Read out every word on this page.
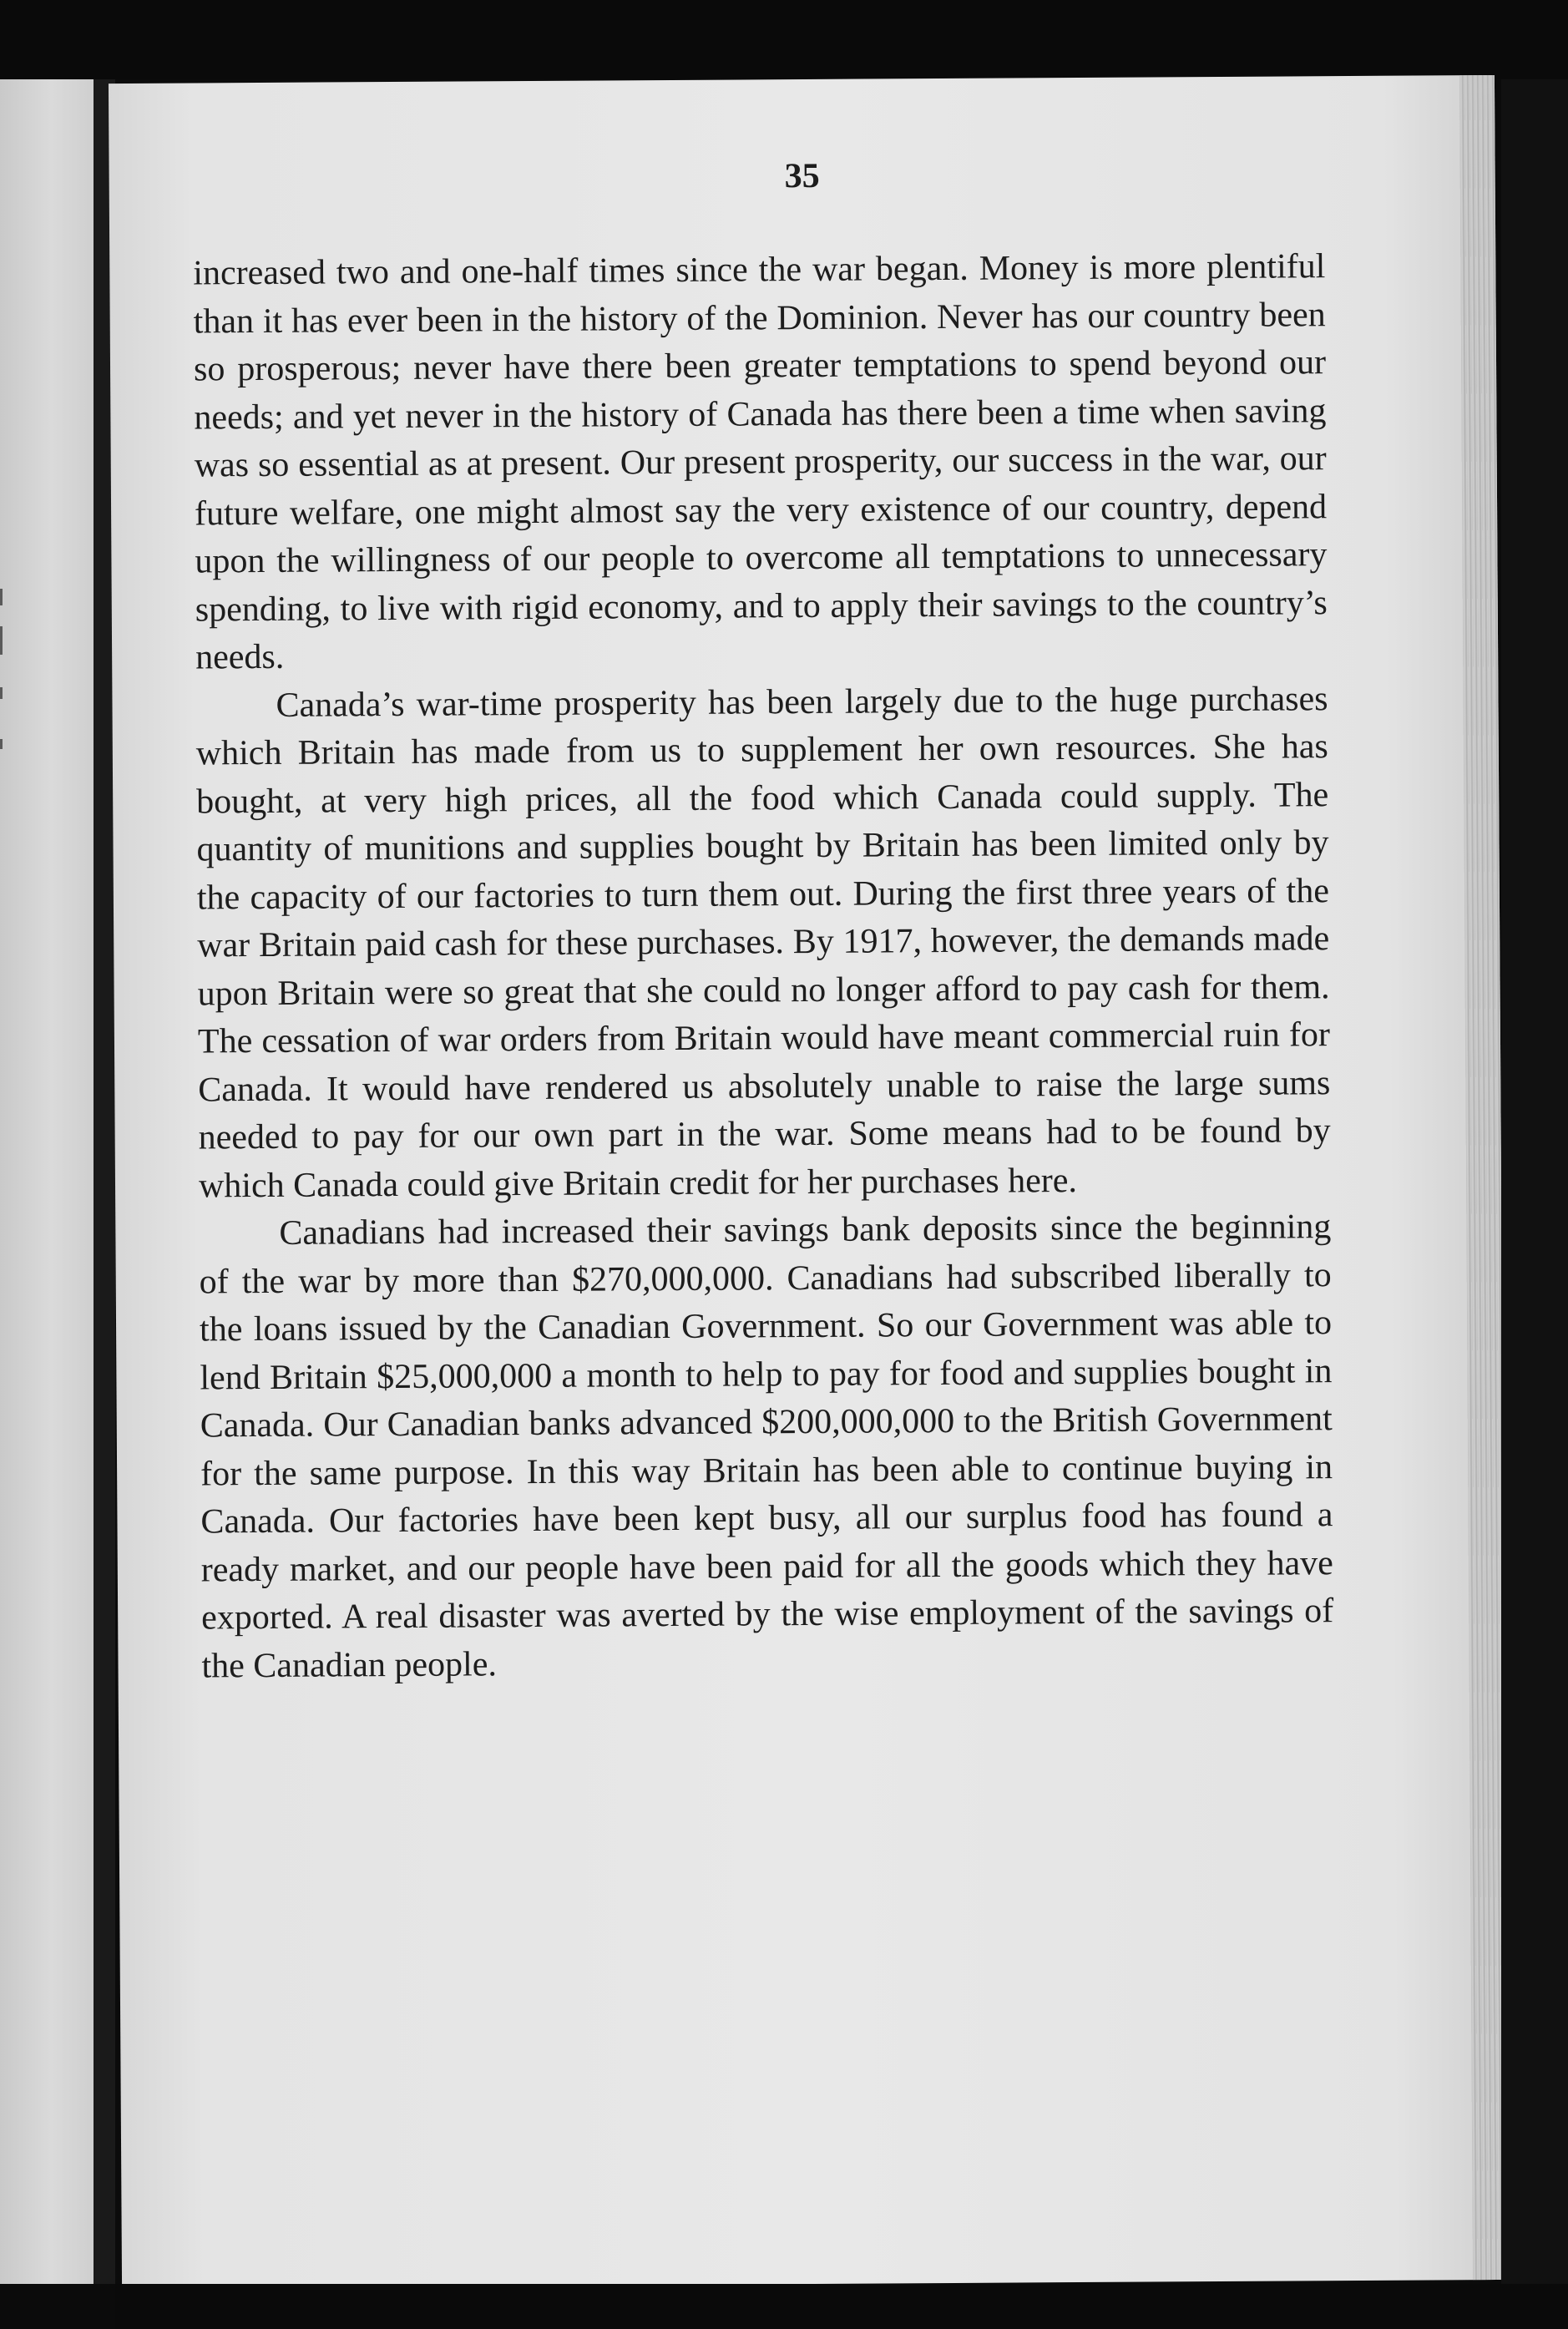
35

increased two and one-half times since the war began. Money is more plentiful than it has ever been in the history of the Dominion. Never has our country been so prosperous; never have there been greater temptations to spend beyond our needs; and yet never in the history of Canada has there been a time when saving was so essential as at present. Our present prosperity, our success in the war, our future welfare, one might almost say the very existence of our country, depend upon the willingness of our people to overcome all temptations to unnecessary spending, to live with rigid economy, and to apply their savings to the country’s needs.

Canada’s war-time prosperity has been largely due to the huge purchases which Britain has made from us to supplement her own resources. She has bought, at very high prices, all the food which Canada could supply. The quantity of munitions and supplies bought by Britain has been limited only by the capacity of our factories to turn them out. During the first three years of the war Britain paid cash for these purchases. By 1917, however, the demands made upon Britain were so great that she could no longer afford to pay cash for them. The cessation of war orders from Britain would have meant commercial ruin for Canada. It would have rendered us absolutely unable to raise the large sums needed to pay for our own part in the war. Some means had to be found by which Canada could give Britain credit for her purchases here.

Canadians had increased their savings bank deposits since the beginning of the war by more than $270,000,000. Canadians had subscribed liberally to the loans issued by the Canadian Government. So our Government was able to lend Britain $25,000,000 a month to help to pay for food and supplies bought in Canada. Our Canadian banks advanced $200,000,000 to the British Government for the same purpose. In this way Britain has been able to continue buying in Canada. Our factories have been kept busy, all our surplus food has found a ready market, and our people have been paid for all the goods which they have exported. A real disaster was averted by the wise employment of the savings of the Canadian people.
